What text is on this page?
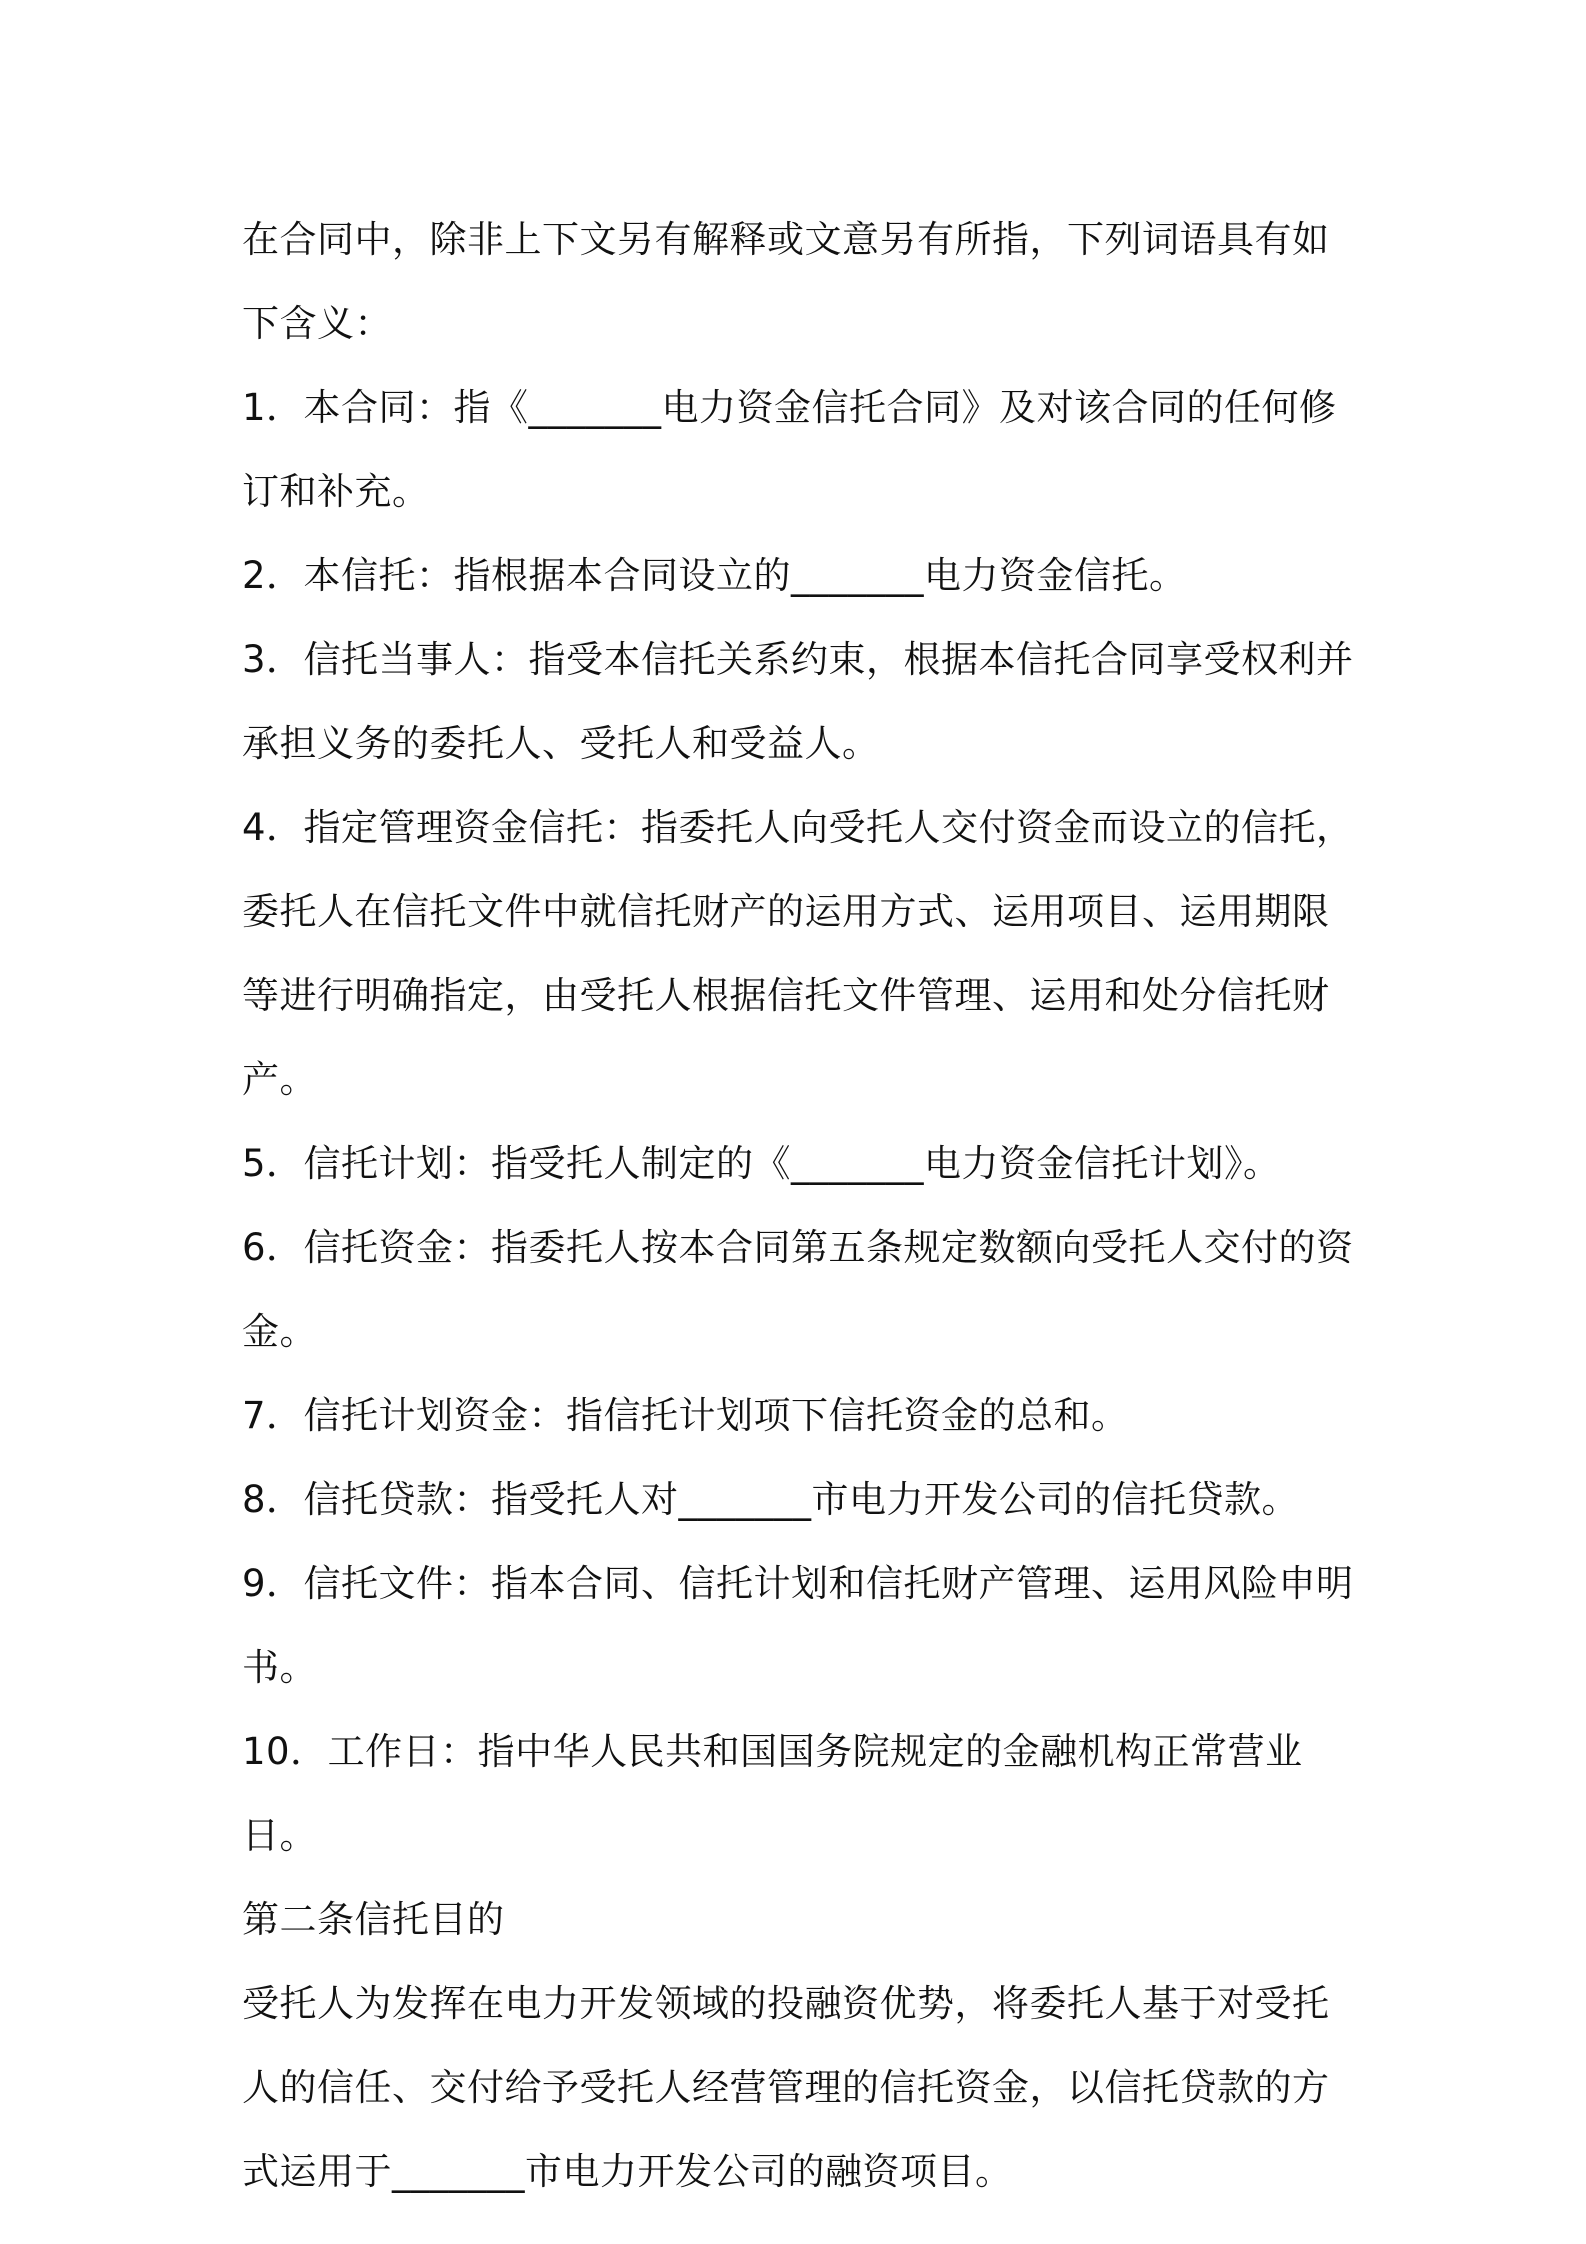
在合同中，除非上下文另有解释或文意另有所指，下列词语具有如下含义：

1．本合同：指《_______电力资金信托合同》及对该合同的任何修订和补充。

2．本信托：指根据本合同设立的_______电力资金信托。

3．信托当事人：指受本信托关系约束，根据本信托合同享受权利并承担义务的委托人、受托人和受益人。

4．指定管理资金信托：指委托人向受托人交付资金而设立的信托，委托人在信托文件中就信托财产的运用方式、运用项目、运用期限等进行明确指定，由受托人根据信托文件管理、运用和处分信托财产。

5．信托计划：指受托人制定的《_______电力资金信托计划》。

6．信托资金：指委托人按本合同第五条规定数额向受托人交付的资金。

7．信托计划资金：指信托计划项下信托资金的总和。

8．信托贷款：指受托人对_______市电力开发公司的信托贷款。

9．信托文件：指本合同、信托计划和信托财产管理、运用风险申明书。

10．工作日：指中华人民共和国国务院规定的金融机构正常营业日。

第二条信托目的

受托人为发挥在电力开发领域的投融资优势，将委托人基于对受托人的信任、交付给予受托人经营管理的信托资金，以信托贷款的方式运用于_______市电力开发公司的融资项目。
